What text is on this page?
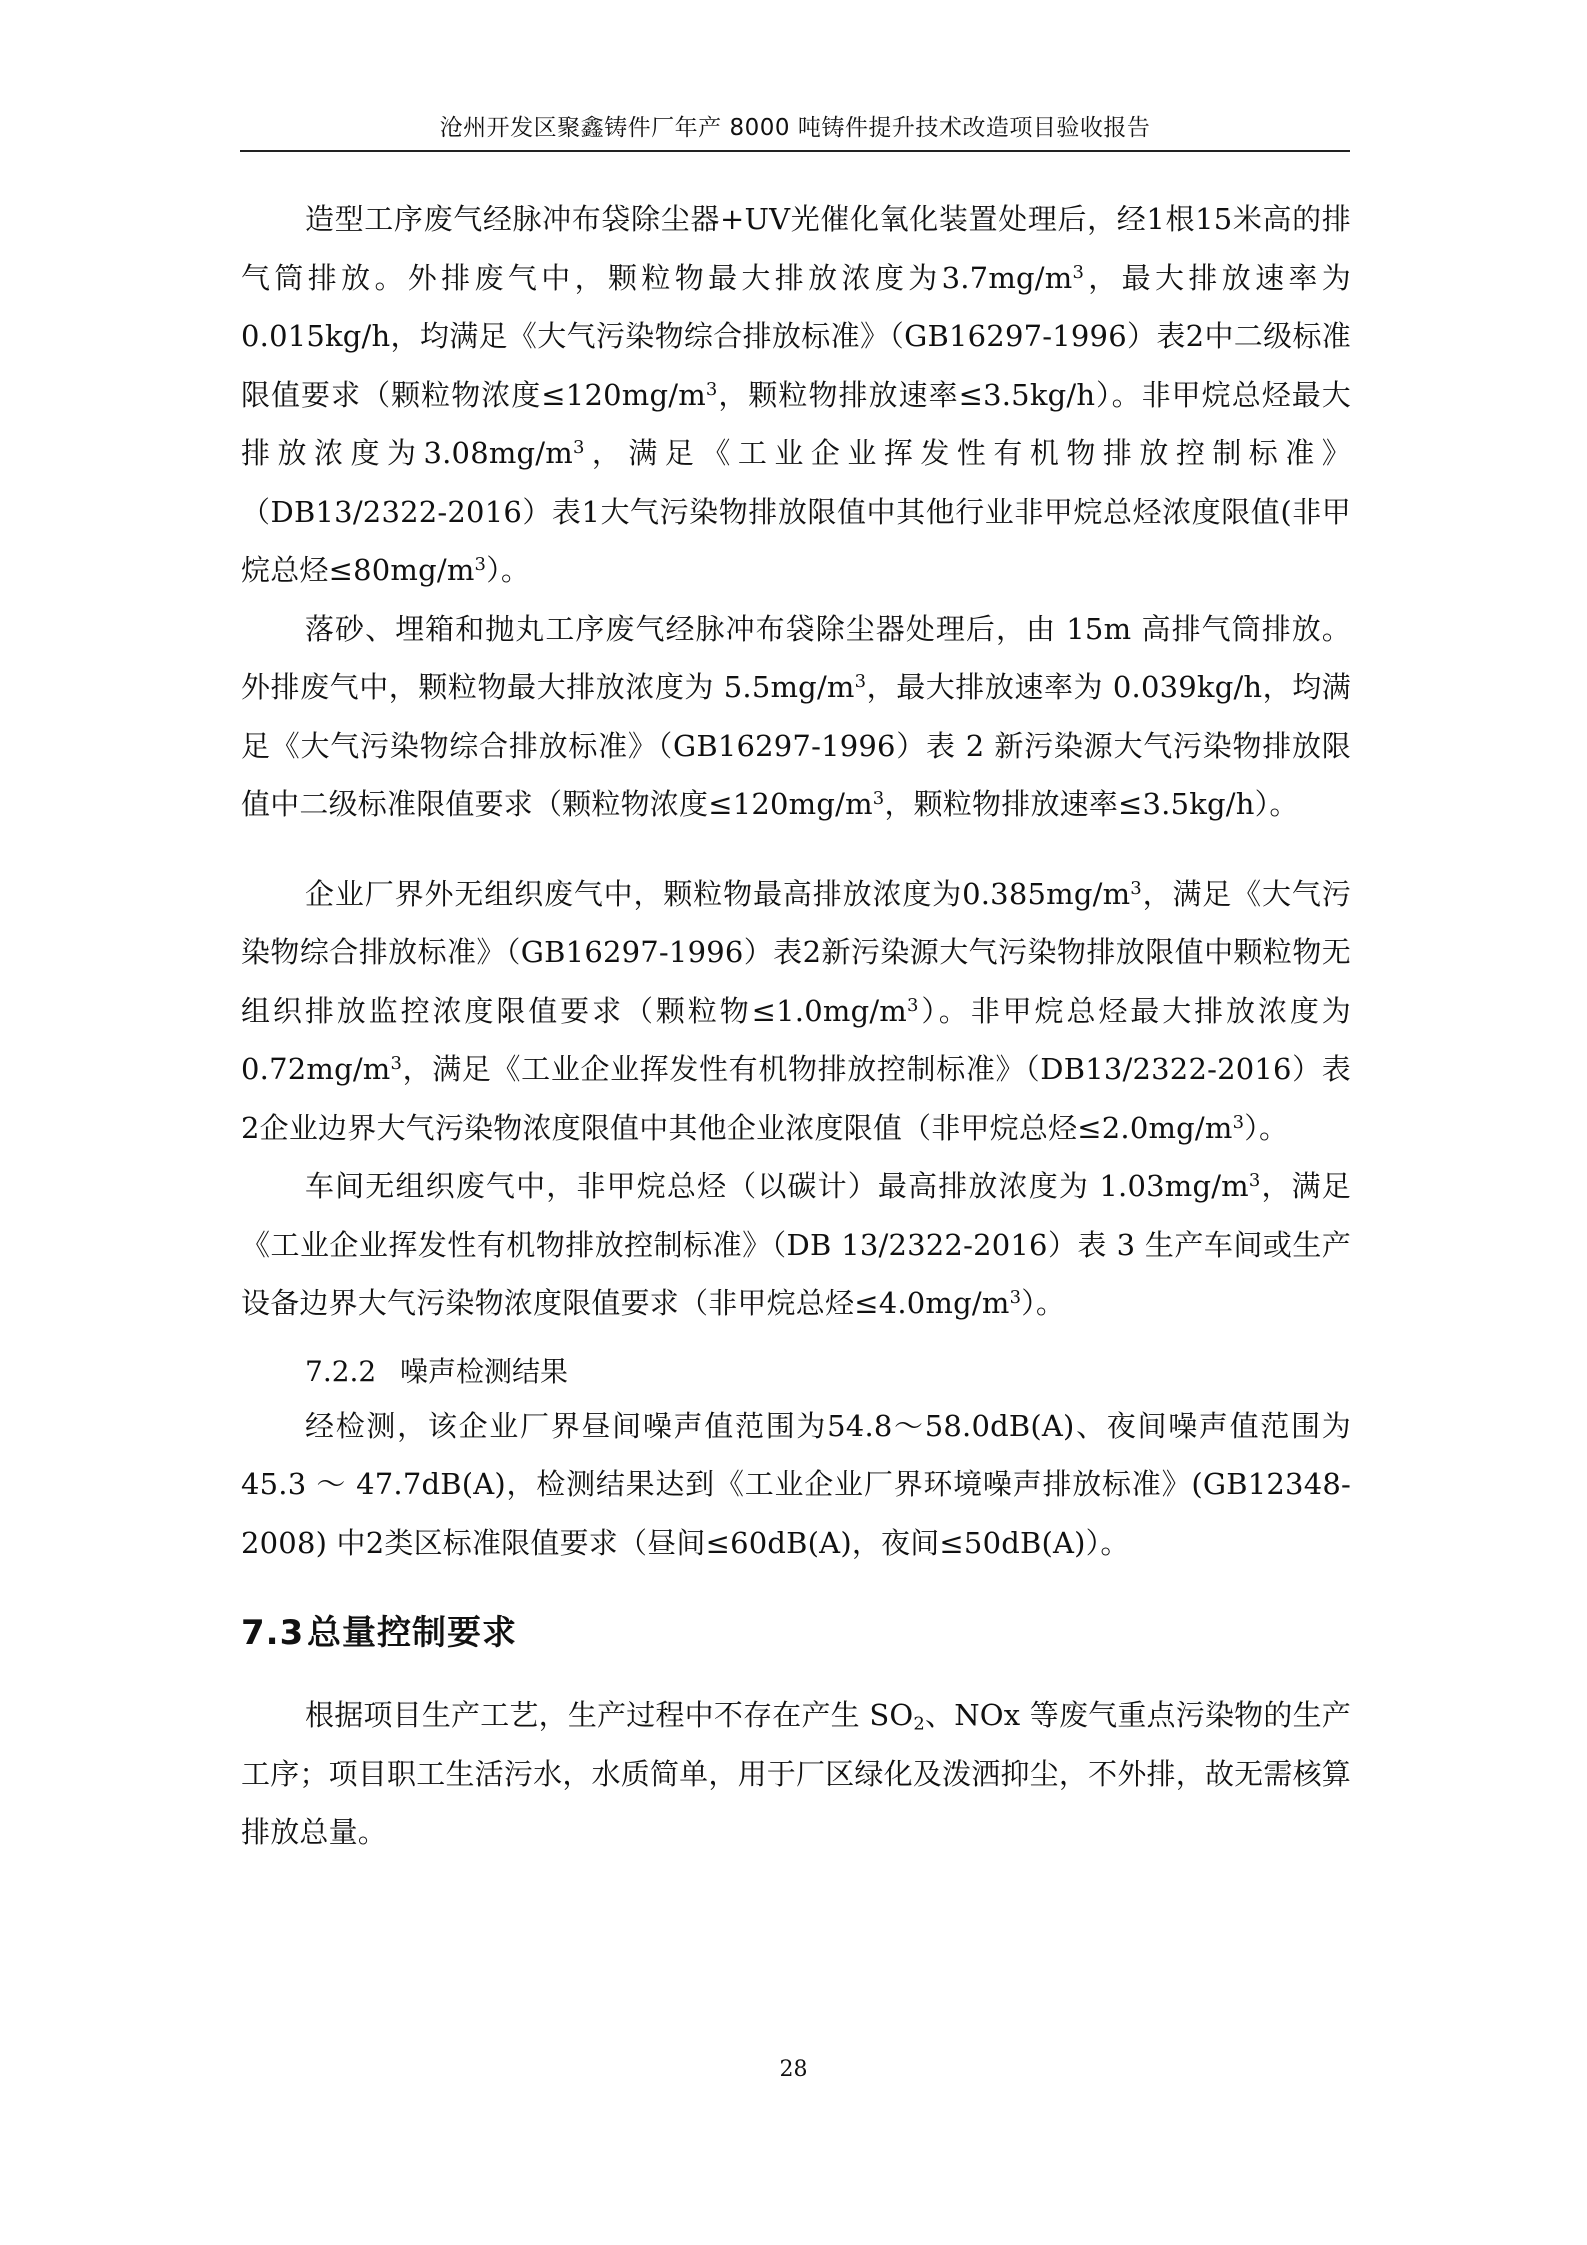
沧州开发区聚鑫铸件厂年产 8000 吨铸件提升技术改造项目验收报告

造型工序废气经脉冲布袋除尘器+UV光催化氧化装置处理后，经1根15米高的排气筒排放。外排废气中，颗粒物最大排放浓度为$3.7mg/m^3$，最大排放速率为0.015kg/h，均满足《大气污染物综合排放标准》（GB16297-1996）表2中二级标准限值要求（颗粒物浓度$\le 120mg/m^3$，颗粒物排放速率≤3.5kg/h）。非甲烷总烃最大排放浓度为$3.08mg/m^3$，满足《工业企业挥发性有机物排放控制标准》（DB13/2322-2016）表1大气污染物排放限值中其他行业非甲烷总烃浓度限值(非甲烷总烃$\le 80mg/m^3$）。

落砂、埋箱和抛丸工序废气经脉冲布袋除尘器处理后，由 15m 高排气筒排放。外排废气中，颗粒物最大排放浓度为 $5.5mg/m^3$，最大排放速率为 0.039kg/h，均满足《大气污染物综合排放标准》（GB16297-1996）表 2 新污染源大气污染物排放限值中二级标准限值要求（颗粒物浓度$\le 120mg/m^3$，颗粒物排放速率≤3.5kg/h）。

企业厂界外无组织废气中，颗粒物最高排放浓度为$0.385mg/m^3$，满足《大气污染物综合排放标准》（GB16297-1996）表2新污染源大气污染物排放限值中颗粒物无组织排放监控浓度限值要求（颗粒物$\le 1.0mg/m^3$）。非甲烷总烃最大排放浓度为$0.72mg/m^3$，满足《工业企业挥发性有机物排放控制标准》（DB13/2322-2016）表2企业边界大气污染物浓度限值中其他企业浓度限值（非甲烷总烃$\le 2.0mg/m^3$）。

车间无组织废气中，非甲烷总烃（以碳计）最高排放浓度为 $1.03mg/m^3$，满足《工业企业挥发性有机物排放控制标准》（DB 13/2322-2016）表 3 生产车间或生产设备边界大气污染物浓度限值要求（非甲烷总烃$\le 4.0mg/m^3$）。

7.2.2 噪声检测结果

经检测，该企业厂界昼间噪声值范围为54.8～58.0dB(A)、夜间噪声值范围为45.3 ～ 47.7dB(A)，检测结果达到《工业企业厂界环境噪声排放标准》(GB12348-2008) 中2类区标准限值要求（昼间≤60dB(A)，夜间≤50dB(A)）。

7.3总量控制要求

根据项目生产工艺，生产过程中不存在产生 $SO_2$、NOx 等废气重点污染物的生产工序；项目职工生活污水，水质简单，用于厂区绿化及泼洒抑尘，不外排，故无需核算排放总量。

28
